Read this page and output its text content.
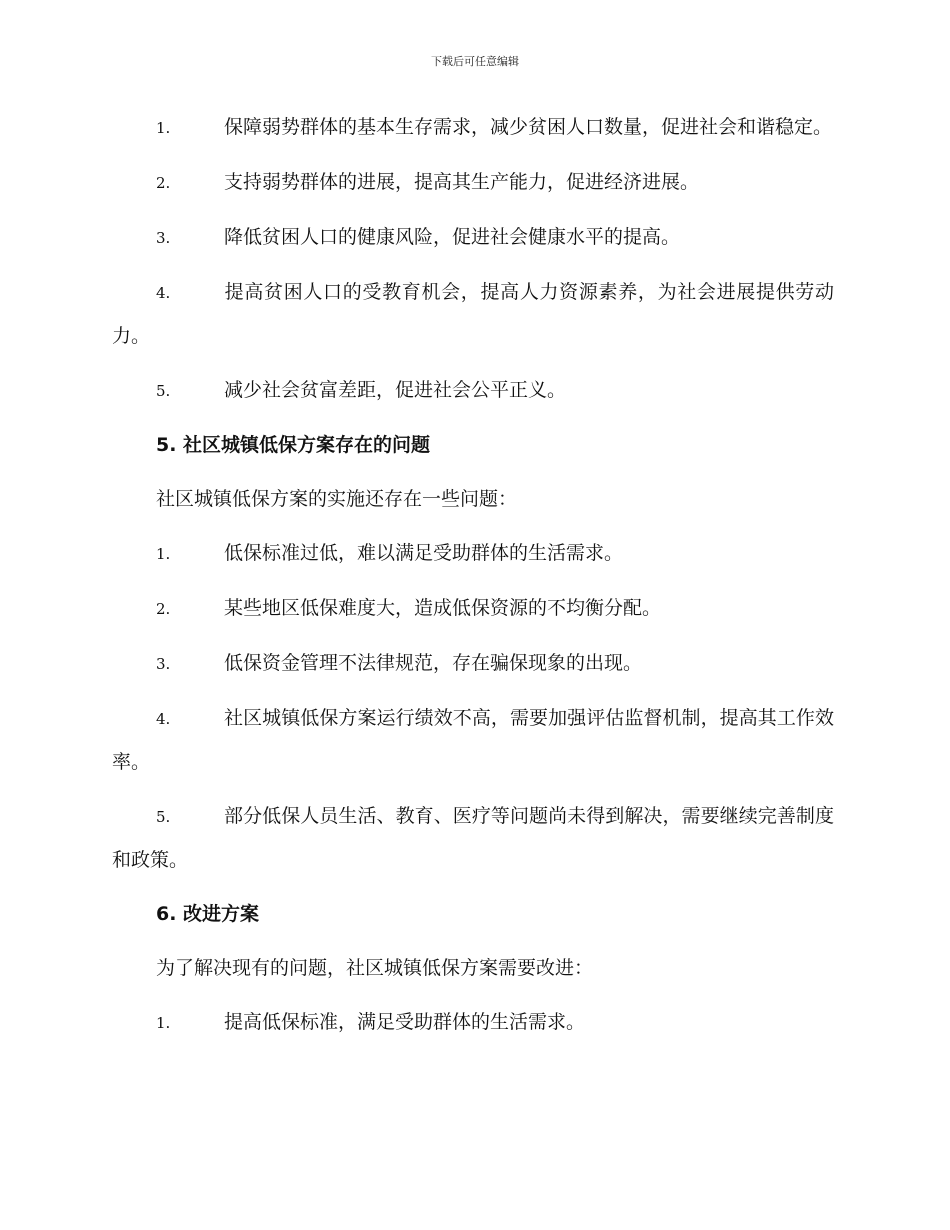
下载后可任意编辑
1.	保障弱势群体的基本生存需求，减少贫困人口数量，促进社会和谐稳定。
2.	支持弱势群体的进展，提高其生产能力，促进经济进展。
3.	降低贫困人口的健康风险，促进社会健康水平的提高。
4.	提高贫困人口的受教育机会，提高人力资源素养，为社会进展提供劳动力。
5.	减少社会贫富差距，促进社会公平正义。
5. 社区城镇低保方案存在的问题
社区城镇低保方案的实施还存在一些问题：
1.	低保标准过低，难以满足受助群体的生活需求。
2.	某些地区低保难度大，造成低保资源的不均衡分配。
3.	低保资金管理不法律规范，存在骗保现象的出现。
4.	社区城镇低保方案运行绩效不高，需要加强评估监督机制，提高其工作效率。
5.	部分低保人员生活、教育、医疗等问题尚未得到解决，需要继续完善制度和政策。
6. 改进方案
为了解决现有的问题，社区城镇低保方案需要改进：
1.	提高低保标准，满足受助群体的生活需求。
